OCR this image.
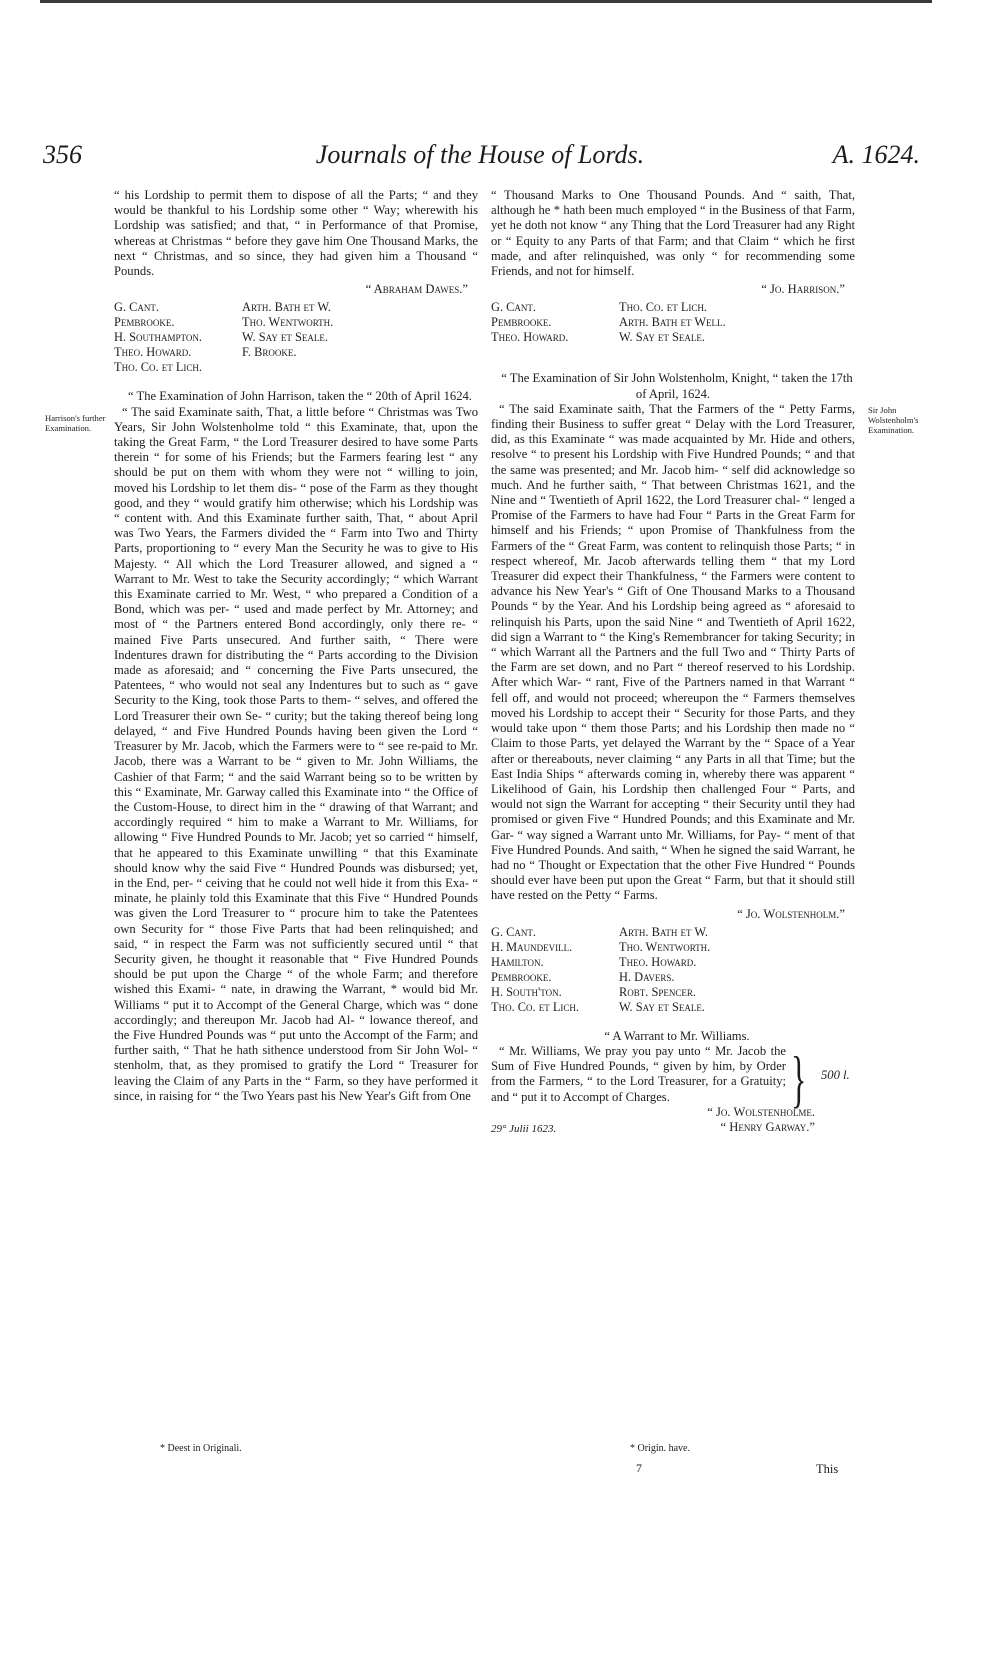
356	Journals of the House of Lords.	A. 1624.
Harrison's further Examination.
Sir John Wolstenholm's Examination.

“ his Lordship to permit them to dispose of all the Parts; “ and they would be thankful to his Lordship some other “ Way; wherewith his Lordship was satisfied; and that, “ in Performance of that Promise, whereas at Christmas “ before they gave him One Thousand Marks, the next “ Christmas, and so since, they had given him a Thousand “ Pounds.

“ Abraham Dawes.”
G. Cant.	Arth. Bath et W.
Pembrooke.	Tho. Wentworth.
H. Southampton.	W. Say et Seale.
Theo. Howard.	F. Brooke.
Tho. Co. et Lich.

“ The Examination of John Harrison, taken the “ 20th of April 1624.

“ The said Examinate saith, That, a little before “ Christmas was Two Years, Sir John Wolstenholme told “ this Examinate, that, upon the taking the Great Farm, “ the Lord Treasurer desired to have some Parts therein “ for some of his Friends; but the Farmers fearing lest “ any should be put on them with whom they were not “ willing to join, moved his Lordship to let them dis- “ pose of the Farm as they thought good, and they “ would gratify him otherwise; which his Lordship was “ content with. And this Examinate further saith, That, “ about April was Two Years, the Farmers divided the “ Farm into Two and Thirty Parts, proportioning to “ every Man the Security he was to give to His Majesty. “ All which the Lord Treasurer allowed, and signed a “ Warrant to Mr. West to take the Security accordingly; “ which Warrant this Examinate carried to Mr. West, “ who prepared a Condition of a Bond, which was per- “ used and made perfect by Mr. Attorney; and most of “ the Partners entered Bond accordingly, only there re- “ mained Five Parts unsecured. And further saith, “ There were Indentures drawn for distributing the “ Parts according to the Division made as aforesaid; and “ concerning the Five Parts unsecured, the Patentees, “ who would not seal any Indentures but to such as “ gave Security to the King, took those Parts to them- “ selves, and offered the Lord Treasurer their own Se- “ curity; but the taking thereof being long delayed, “ and Five Hundred Pounds having been given the Lord “ Treasurer by Mr. Jacob, which the Farmers were to “ see re-paid to Mr. Jacob, there was a Warrant to be “ given to Mr. John Williams, the Cashier of that Farm; “ and the said Warrant being so to be written by this “ Examinate, Mr. Garway called this Examinate into “ the Office of the Custom-House, to direct him in the “ drawing of that Warrant; and accordingly required “ him to make a Warrant to Mr. Williams, for allowing “ Five Hundred Pounds to Mr. Jacob; yet so carried “ himself, that he appeared to this Examinate unwilling “ that this Examinate should know why the said Five “ Hundred Pounds was disbursed; yet, in the End, per- “ ceiving that he could not well hide it from this Exa- “ minate, he plainly told this Examinate that this Five “ Hundred Pounds was given the Lord Treasurer to “ procure him to take the Patentees own Security for “ those Five Parts that had been relinquished; and said, “ in respect the Farm was not sufficiently secured until “ that Security given, he thought it reasonable that “ Five Hundred Pounds should be put upon the Charge “ of the whole Farm; and therefore wished this Exami- “ nate, in drawing the Warrant, * would bid Mr. Williams “ put it to Accompt of the General Charge, which was “ done accordingly; and thereupon Mr. Jacob had Al- “ lowance thereof, and the Five Hundred Pounds was “ put unto the Accompt of the Farm; and further saith, “ That he hath sithence understood from Sir John Wol- “ stenholm, that, as they promised to gratify the Lord “ Treasurer for leaving the Claim of any Parts in the “ Farm, so they have performed it since, in raising for “ the Two Years past his New Year's Gift from One

“ Thousand Marks to One Thousand Pounds. And “ saith, That, although he * hath been much employed “ in the Business of that Farm, yet he doth not know “ any Thing that the Lord Treasurer had any Right or “ Equity to any Parts of that Farm; and that Claim “ which he first made, and after relinquished, was only “ for recommending some Friends, and not for himself.

“ Jo. Harrison.”
G. Cant.	Tho. Co. et Lich.
Pembrooke.	Arth. Bath et Well.
Theo. Howard.	W. Say et Seale.

“ The Examination of Sir John Wolstenholm, Knight, “ taken the 17th of April, 1624.

“ The said Examinate saith, That the Farmers of the “ Petty Farms, finding their Business to suffer great “ Delay with the Lord Treasurer, did, as this Examinate “ was made acquainted by Mr. Hide and others, resolve “ to present his Lordship with Five Hundred Pounds; “ and that the same was presented; and Mr. Jacob him- “ self did acknowledge so much. And he further saith, “ That between Christmas 1621, and the Nine and “ Twentieth of April 1622, the Lord Treasurer chal- “ lenged a Promise of the Farmers to have had Four “ Parts in the Great Farm for himself and his Friends; “ upon Promise of Thankfulness from the Farmers of the “ Great Farm, was content to relinquish those Parts; “ in respect whereof, Mr. Jacob afterwards telling them “ that my Lord Treasurer did expect their Thankfulness, “ the Farmers were content to advance his New Year's “ Gift of One Thousand Marks to a Thousand Pounds “ by the Year. And his Lordship being agreed as “ aforesaid to relinquish his Parts, upon the said Nine “ and Twentieth of April 1622, did sign a Warrant to “ the King's Remembrancer for taking Security; in “ which Warrant all the Partners and the full Two and “ Thirty Parts of the Farm are set down, and no Part “ thereof reserved to his Lordship. After which War- “ rant, Five of the Partners named in that Warrant “ fell off, and would not proceed; whereupon the “ Farmers themselves moved his Lordship to accept their “ Security for those Parts, and they would take upon “ them those Parts; and his Lordship then made no “ Claim to those Parts, yet delayed the Warrant by the “ Space of a Year after or thereabouts, never claiming “ any Parts in all that Time; but the East India Ships “ afterwards coming in, whereby there was apparent “ Likelihood of Gain, his Lordship then challenged Four “ Parts, and would not sign the Warrant for accepting “ their Security until they had promised or given Five “ Hundred Pounds; and this Examinate and Mr. Gar- “ way signed a Warrant unto Mr. Williams, for Pay- “ ment of that Five Hundred Pounds. And saith, “ When he signed the said Warrant, he had no “ Thought or Expectation that the other Five Hundred “ Pounds should ever have been put upon the Great “ Farm, but that it should still have rested on the Petty “ Farms.

“ Jo. Wolstenholm.”
G. Cant.	Arth. Bath et W.
H. Maundevill.	Tho. Wentworth.
Hamilton.	Theo. Howard.
Pembrooke.	H. Davers.
H. South'ton.	Robt. Spencer.
Tho. Co. et Lich.	W. Say et Seale.

“ A Warrant to Mr. Williams.

“ Mr. Williams, We pray you pay unto “ Mr. Jacob the Sum of Five Hundred Pounds, “ given by him, by Order from the Farmers, “ to the Lord Treasurer, for a Gratuity; and “ put it to Accompt of Charges.	} 500 l.
29° Julii 1623.
“ Jo. Wolstenholme.
“ Henry Garway.”
* Deest in Originali.	* Origin. have.
7	This
